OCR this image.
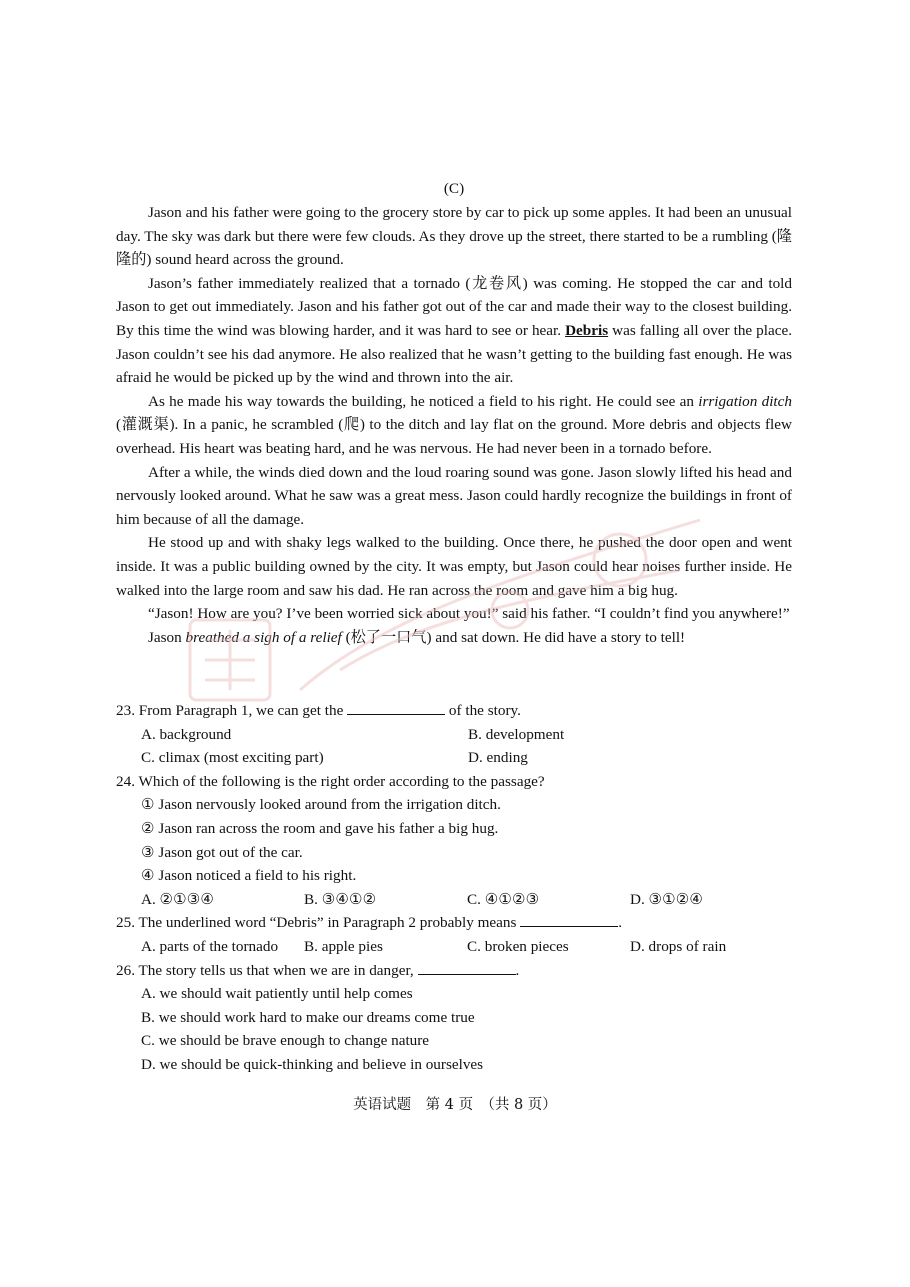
(C)

Jason and his father were going to the grocery store by car to pick up some apples. It had been an unusual day. The sky was dark but there were few clouds. As they drove up the street, there started to be a rumbling (隆隆的) sound heard across the ground.

Jason’s father immediately realized that a tornado (龙卷风) was coming. He stopped the car and told Jason to get out immediately. Jason and his father got out of the car and made their way to the closest building. By this time the wind was blowing harder, and it was hard to see or hear. Debris was falling all over the place. Jason couldn’t see his dad anymore. He also realized that he wasn’t getting to the building fast enough. He was afraid he would be picked up by the wind and thrown into the air.

As he made his way towards the building, he noticed a field to his right. He could see an irrigation ditch (灌溉渠). In a panic, he scrambled (爬) to the ditch and lay flat on the ground. More debris and objects flew overhead. His heart was beating hard, and he was nervous. He had never been in a tornado before.

After a while, the winds died down and the loud roaring sound was gone. Jason slowly lifted his head and nervously looked around. What he saw was a great mess. Jason could hardly recognize the buildings in front of him because of all the damage.

He stood up and with shaky legs walked to the building. Once there, he pushed the door open and went inside. It was a public building owned by the city. It was empty, but Jason could hear noises further inside. He walked into the large room and saw his dad. He ran across the room and gave him a big hug.

“Jason! How are you? I’ve been worried sick about you!” said his father. “I couldn’t find you anywhere!”

Jason breathed a sigh of a relief (松了一口气) and sat down. He did have a story to tell!

23. From Paragraph 1, we can get the	of the story.
A. background	B. development
C. climax (most exciting part)	D. ending
24. Which of the following is the right order according to the passage?
① Jason nervously looked around from the irrigation ditch.
② Jason ran across the room and gave his father a big hug.
③ Jason got out of the car.
④ Jason noticed a field to his right.
A. ②①③④	B. ③④①②	C. ④①②③	D. ③①②④
25. The underlined word “Debris” in Paragraph 2 probably means	.
A. parts of the tornado	B. apple pies	C. broken pieces	D. drops of rain
26. The story tells us that when we are in danger,	.
A. we should wait patiently until help comes
B. we should work hard to make our dreams come true
C. we should be brave enough to change nature
D. we should be quick-thinking and believe in ourselves
英语试题　第 4 页　（共 8 页）
